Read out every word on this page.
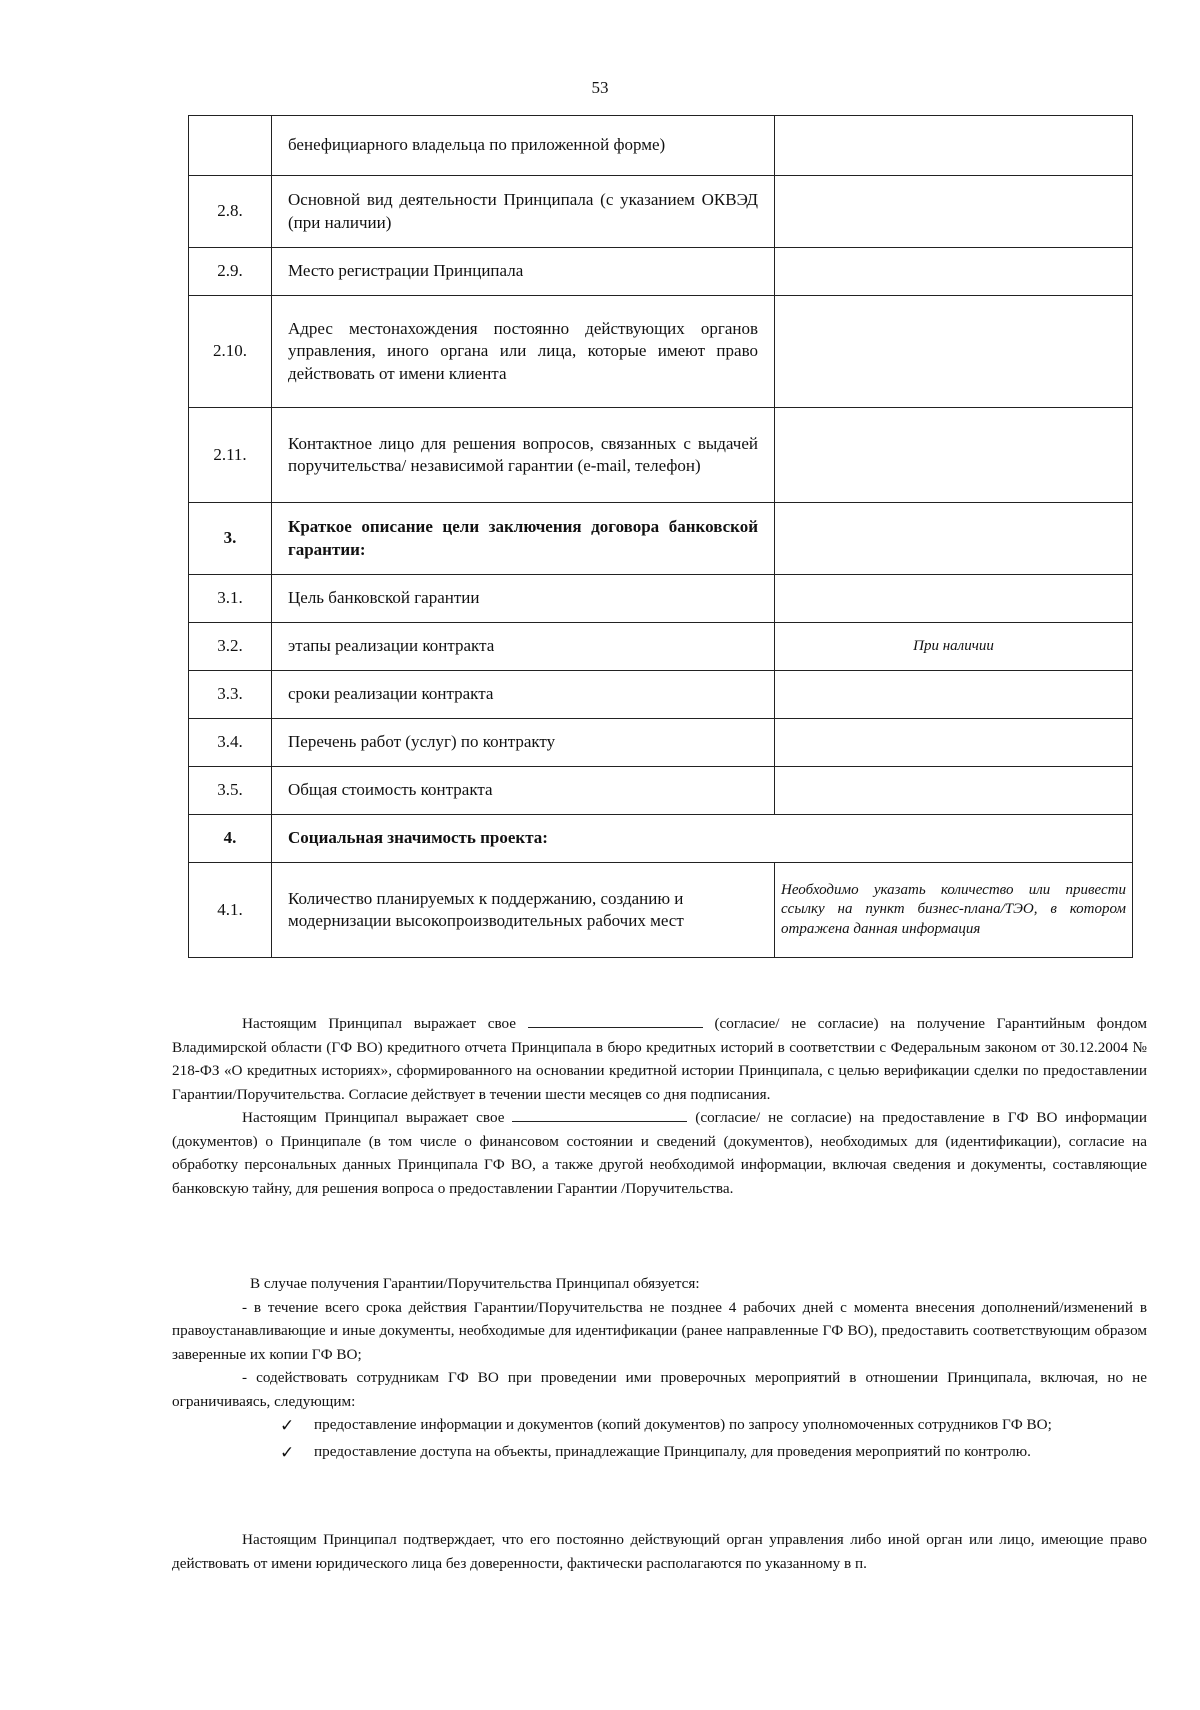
53
	бенефициарного владельца по приложенной форме)	
2.8.	Основной вид деятельности Принципала (с указанием ОКВЭД (при наличии)	
2.9.	Место регистрации Принципала	
2.10.	Адрес местонахождения постоянно действующих органов управления, иного органа или лица, которые имеют право действовать от имени клиента	
2.11.	Контактное лицо для решения вопросов, связанных с выдачей поручительства/ независимой гарантии (e-mail, телефон)	
3.	Краткое описание цели заключения договора банковской гарантии:	
3.1.	Цель банковской гарантии	
3.2.	этапы реализации контракта	При наличии
3.3.	сроки реализации контракта	
3.4.	Перечень работ (услуг) по контракту	
3.5.	Общая стоимость контракта	
4.	Социальная значимость проекта:	
4.1.	Количество планируемых к поддержанию, созданию и модернизации высокопроизводительных рабочих мест	Необходимо указать количество или привести ссылку на пункт бизнес-плана/ТЭО, в котором отражена данная информация

Настоящим Принципал выражает свое	(согласие/ не согласие) на получение Гарантийным фондом Владимирской области (ГФ ВО) кредитного отчета Принципала в бюро кредитных историй в соответствии с Федеральным законом от 30.12.2004 № 218-ФЗ «О кредитных историях», сформированного на основании кредитной истории Принципала, с целью верификации сделки по предоставлении Гарантии/Поручительства. Согласие действует в течении шести месяцев со дня подписания.

Настоящим Принципал выражает свое	(согласие/ не согласие) на предоставление в ГФ ВО информации (документов) о Принципале (в том числе о финансовом состоянии и сведений (документов), необходимых для (идентификации), согласие на обработку персональных данных Принципала ГФ ВО, а также другой необходимой информации, включая сведения и документы, составляющие банковскую тайну, для решения вопроса о предоставлении Гарантии /Поручительства.

В случае получения Гарантии/Поручительства Принципал обязуется:

- в течение всего срока действия Гарантии/Поручительства не позднее 4 рабочих дней с момента внесения дополнений/изменений в правоустанавливающие и иные документы, необходимые для идентификации (ранее направленные ГФ ВО), предоставить соответствующим образом заверенные их копии ГФ ВО;

- содействовать сотрудникам ГФ ВО при проведении ими проверочных мероприятий в отношении Принципала, включая, но не ограничиваясь, следующим:

✓	предоставление информации и документов (копий документов) по запросу уполномоченных сотрудников ГФ ВО;
✓	предоставление доступа на объекты, принадлежащие Принципалу, для проведения мероприятий по контролю.

Настоящим Принципал подтверждает, что его постоянно действующий орган управления либо иной орган или лицо, имеющие право действовать от имени юридического лица без доверенности, фактически располагаются по указанному в п.
